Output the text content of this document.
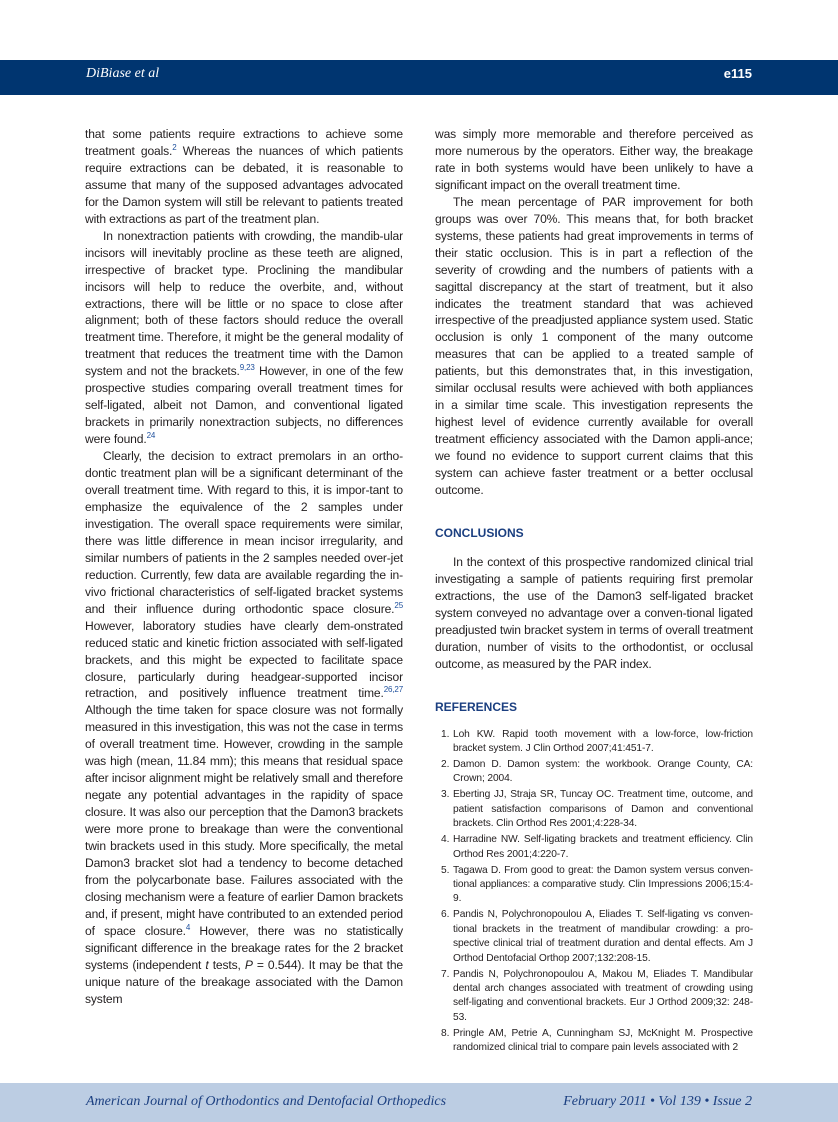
DiBiase et al	e115

that some patients require extractions to achieve some treatment goals.$^2$ Whereas the nuances of which patients require extractions can be debated, it is reasonable to assume that many of the supposed advantages advocated for the Damon system will still be relevant to patients treated with extractions as part of the treatment plan.

In nonextraction patients with crowding, the mandib-ular incisors will inevitably procline as these teeth are aligned, irrespective of bracket type. Proclining the mandibular incisors will help to reduce the overbite, and, without extractions, there will be little or no space to close after alignment; both of these factors should reduce the overall treatment time. Therefore, it might be the general modality of treatment that reduces the treatment time with the Damon system and not the brackets.$^{9,23}$ However, in one of the few prospective studies comparing overall treatment times for self-ligated, albeit not Damon, and conventional ligated brackets in primarily nonextraction subjects, no differences were found.$^{24}$

Clearly, the decision to extract premolars in an ortho-dontic treatment plan will be a significant determinant of the overall treatment time. With regard to this, it is impor-tant to emphasize the equivalence of the 2 samples under investigation. The overall space requirements were similar, there was little difference in mean incisor irregularity, and similar numbers of patients in the 2 samples needed over-jet reduction. Currently, few data are available regarding the in-vivo frictional characteristics of self-ligated bracket systems and their influence during orthodontic space closure.$^{25}$ However, laboratory studies have clearly dem-onstrated reduced static and kinetic friction associated with self-ligated brackets, and this might be expected to facilitate space closure, particularly during headgear-supported incisor retraction, and positively influence treatment time.$^{26,27}$ Although the time taken for space closure was not formally measured in this investigation, this was not the case in terms of overall treatment time. However, crowding in the sample was high (mean, 11.84 mm); this means that residual space after incisor alignment might be relatively small and therefore negate any potential advantages in the rapidity of space closure. It was also our perception that the Damon3 brackets were more prone to breakage than were the conventional twin brackets used in this study. More specifically, the metal Damon3 bracket slot had a tendency to become detached from the polycarbonate base. Failures associated with the closing mechanism were a feature of earlier Damon brackets and, if present, might have contributed to an extended period of space closure.$^4$ However, there was no statistically significant difference in the breakage rates for the 2 bracket systems (independent t tests, P = 0.544). It may be that the unique nature of the breakage associated with the Damon system

was simply more memorable and therefore perceived as more numerous by the operators. Either way, the breakage rate in both systems would have been unlikely to have a significant impact on the overall treatment time.

The mean percentage of PAR improvement for both groups was over 70%. This means that, for both bracket systems, these patients had great improvements in terms of their static occlusion. This is in part a reflection of the severity of crowding and the numbers of patients with a sagittal discrepancy at the start of treatment, but it also indicates the treatment standard that was achieved irrespective of the preadjusted appliance system used. Static occlusion is only 1 component of the many outcome measures that can be applied to a treated sample of patients, but this demonstrates that, in this investigation, similar occlusal results were achieved with both appliances in a similar time scale. This investigation represents the highest level of evidence currently available for overall treatment efficiency associated with the Damon appli-ance; we found no evidence to support current claims that this system can achieve faster treatment or a better occlusal outcome.

CONCLUSIONS

In the context of this prospective randomized clinical trial investigating a sample of patients requiring first premolar extractions, the use of the Damon3 self-ligated bracket system conveyed no advantage over a conven-tional ligated preadjusted twin bracket system in terms of overall treatment duration, number of visits to the orthodontist, or occlusal outcome, as measured by the PAR index.

REFERENCES
1. Loh KW. Rapid tooth movement with a low-force, low-friction bracket system. J Clin Orthod 2007;41:451-7.
2. Damon D. Damon system: the workbook. Orange County, CA: Crown; 2004.
3. Eberting JJ, Straja SR, Tuncay OC. Treatment time, outcome, and patient satisfaction comparisons of Damon and conventional brackets. Clin Orthod Res 2001;4:228-34.
4. Harradine NW. Self-ligating brackets and treatment efficiency. Clin Orthod Res 2001;4:220-7.
5. Tagawa D. From good to great: the Damon system versus conven-tional appliances: a comparative study. Clin Impressions 2006;15:4-9.
6. Pandis N, Polychronopoulou A, Eliades T. Self-ligating vs conven-tional brackets in the treatment of mandibular crowding: a pro-spective clinical trial of treatment duration and dental effects. Am J Orthod Dentofacial Orthop 2007;132:208-15.
7. Pandis N, Polychronopoulou A, Makou M, Eliades T. Mandibular dental arch changes associated with treatment of crowding using self-ligating and conventional brackets. Eur J Orthod 2009;32: 248-53.
8. Pringle AM, Petrie A, Cunningham SJ, McKnight M. Prospective randomized clinical trial to compare pain levels associated with 2
American Journal of Orthodontics and Dentofacial Orthopedics	February 2011 • Vol 139 • Issue 2
